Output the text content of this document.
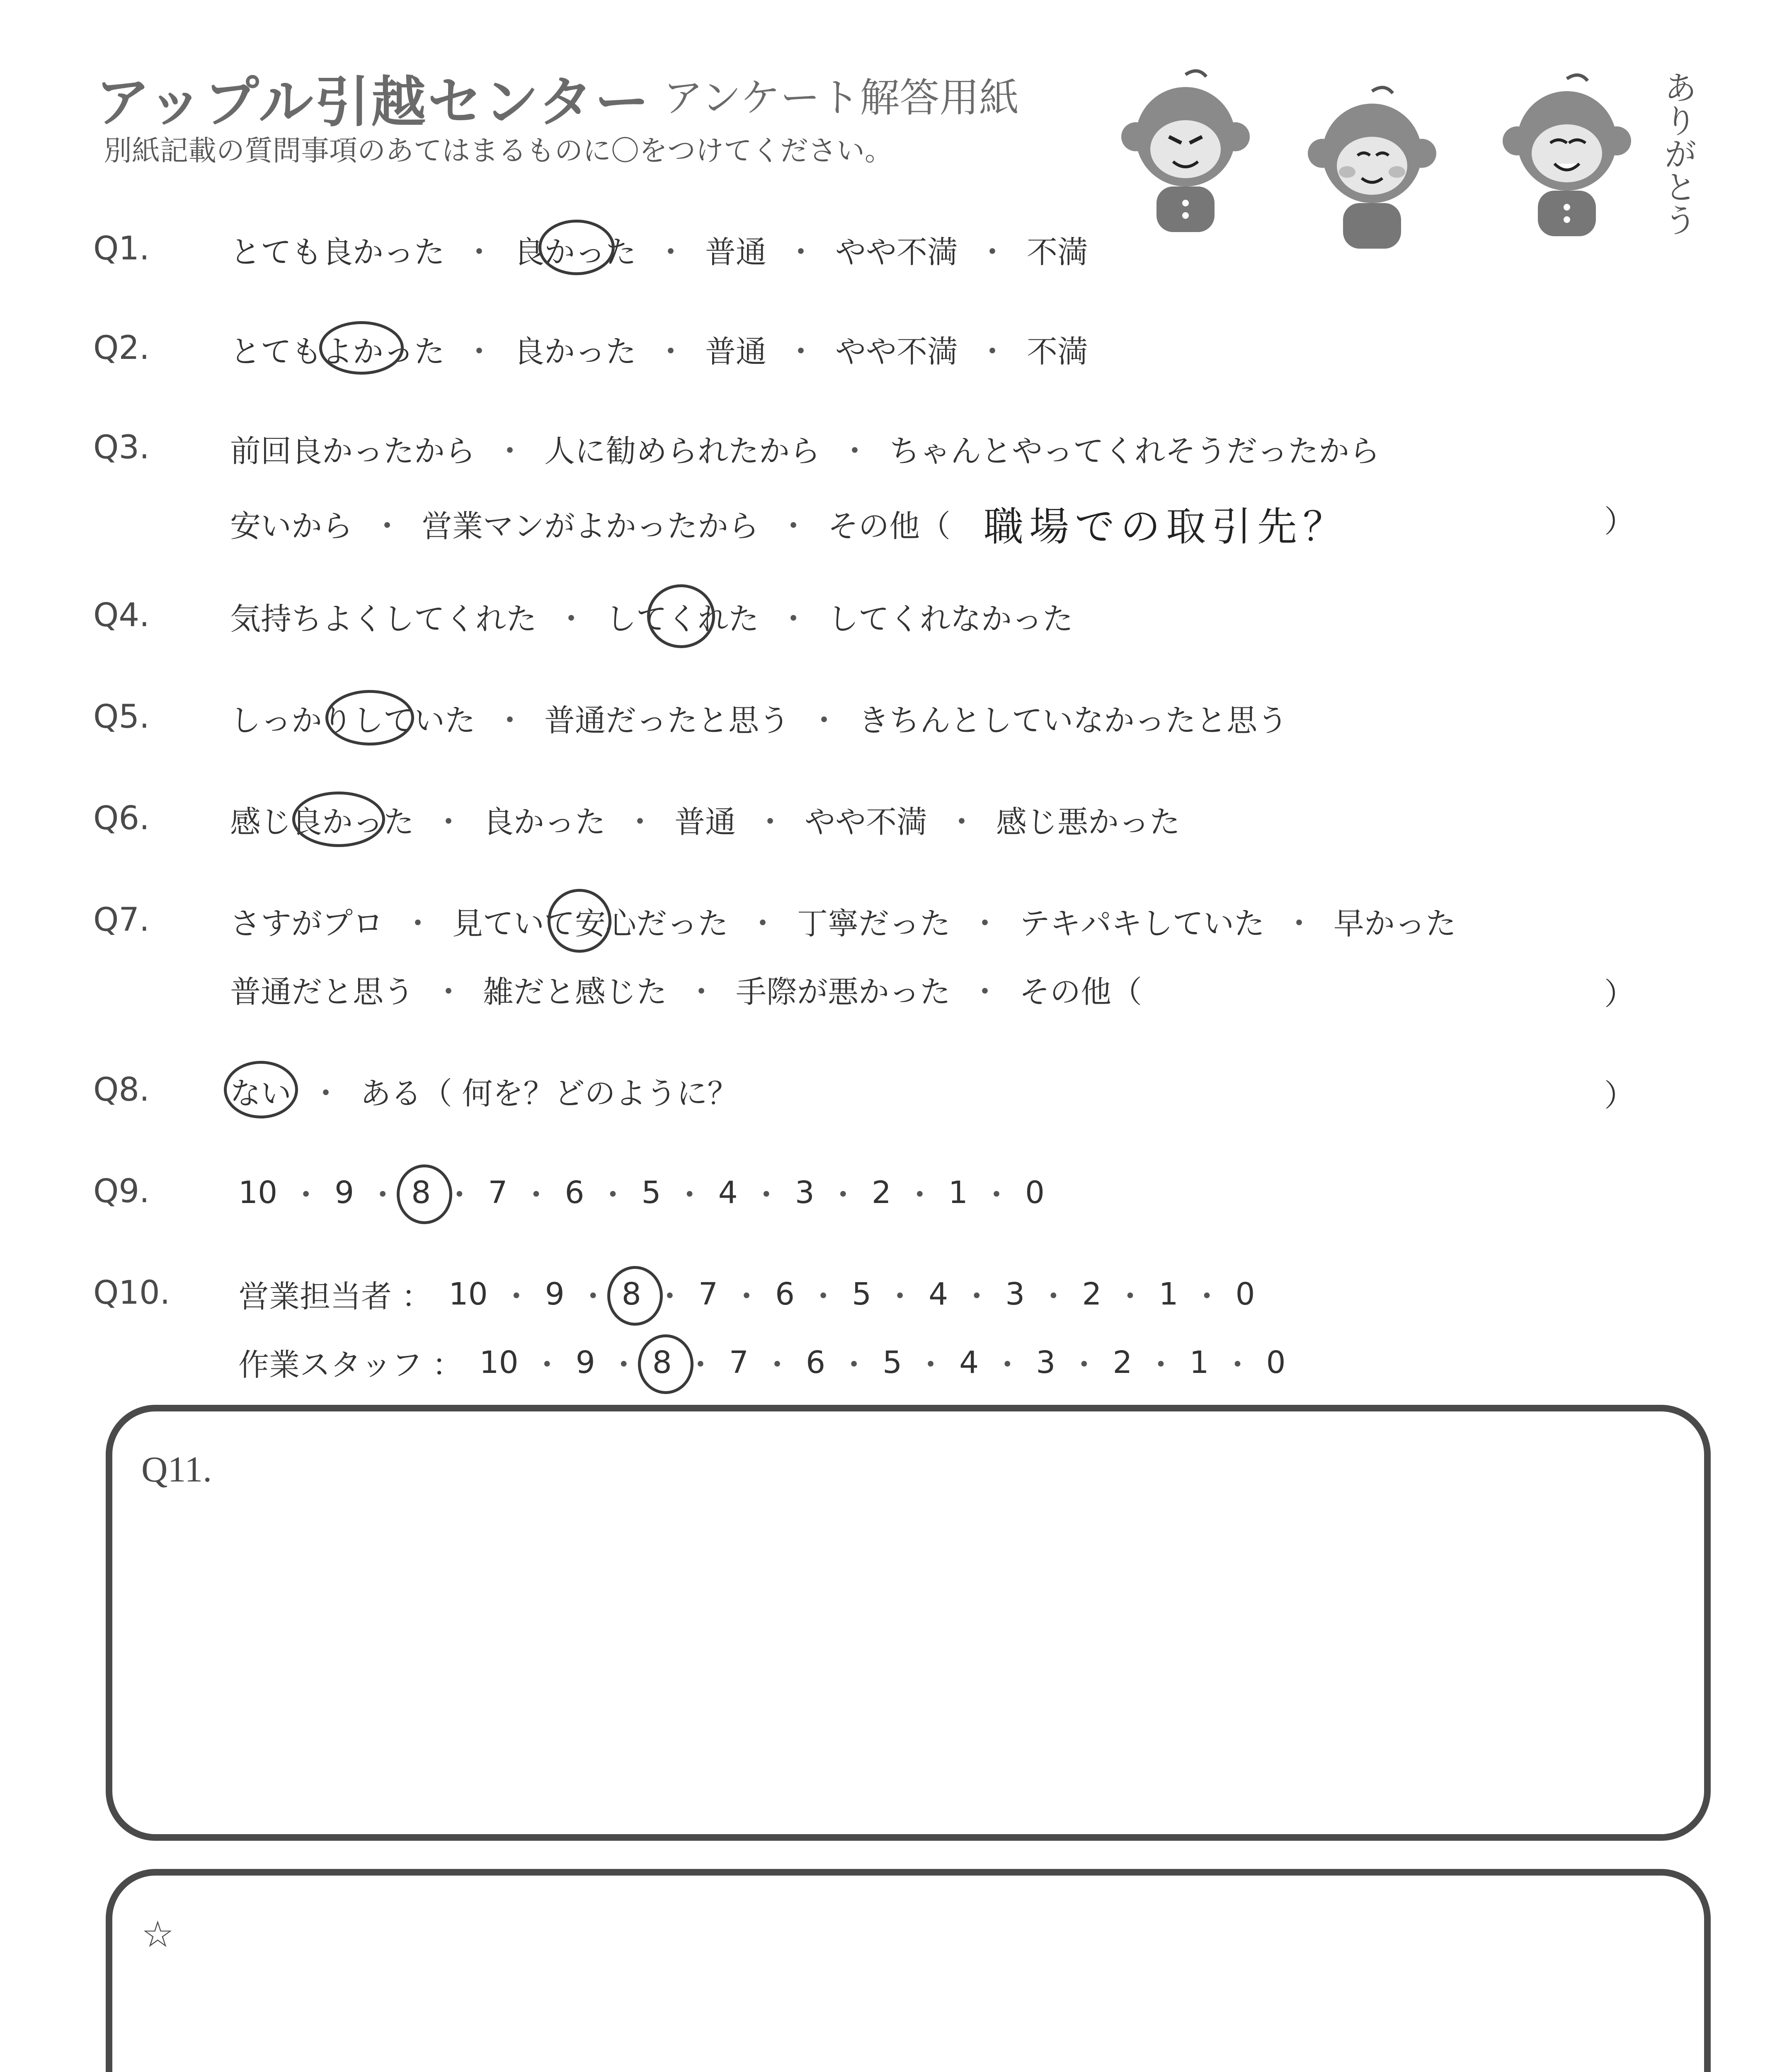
アップル引越センター アンケート解答用紙
別紙記載の質問事項のあてはまるものに〇をつけてください。	ありがとう
Q1.	とても良かった ・ 良かった ・ 普通 ・ やや不満 ・ 不満
Q2.	とてもよかった ・ 良かった ・ 普通 ・ やや不満 ・ 不満
Q3.	前回良かったから ・ 人に勧められたから ・ ちゃんとやってくれそうだったから
安いから ・ 営業マンがよかったから ・ その他（ 職場での取引先？	）
Q4.	気持ちよくしてくれた ・ してくれた ・ してくれなかった
Q5.	しっかりしていた ・ 普通だったと思う ・ きちんとしていなかったと思う
Q6.	感じ良かった ・ 良かった ・ 普通 ・ やや不満 ・ 感じ悪かった
Q7.	さすがプロ ・ 見ていて安心だった ・ 丁寧だった ・ テキパキしていた ・ 早かった
普通だと思う ・ 雑だと感じた ・ 手際が悪かった ・ その他（	）
Q8.	ない ・ ある（ 何を？どのように？	）
Q9.	10 ・ 9 ・ 8 ・ 7 ・ 6 ・ 5 ・ 4 ・ 3 ・ 2 ・ 1 ・ 0
Q10. 営業担当者 ： 10 ・ 9 ・ 8 ・ 7 ・ 6 ・ 5 ・ 4 ・ 3 ・ 2 ・ 1 ・ 0
作業スタッフ ： 10 ・ 9 ・ 8 ・ 7 ・ 6 ・ 5 ・ 4 ・ 3 ・ 2 ・ 1 ・ 0
Q11.
☆
